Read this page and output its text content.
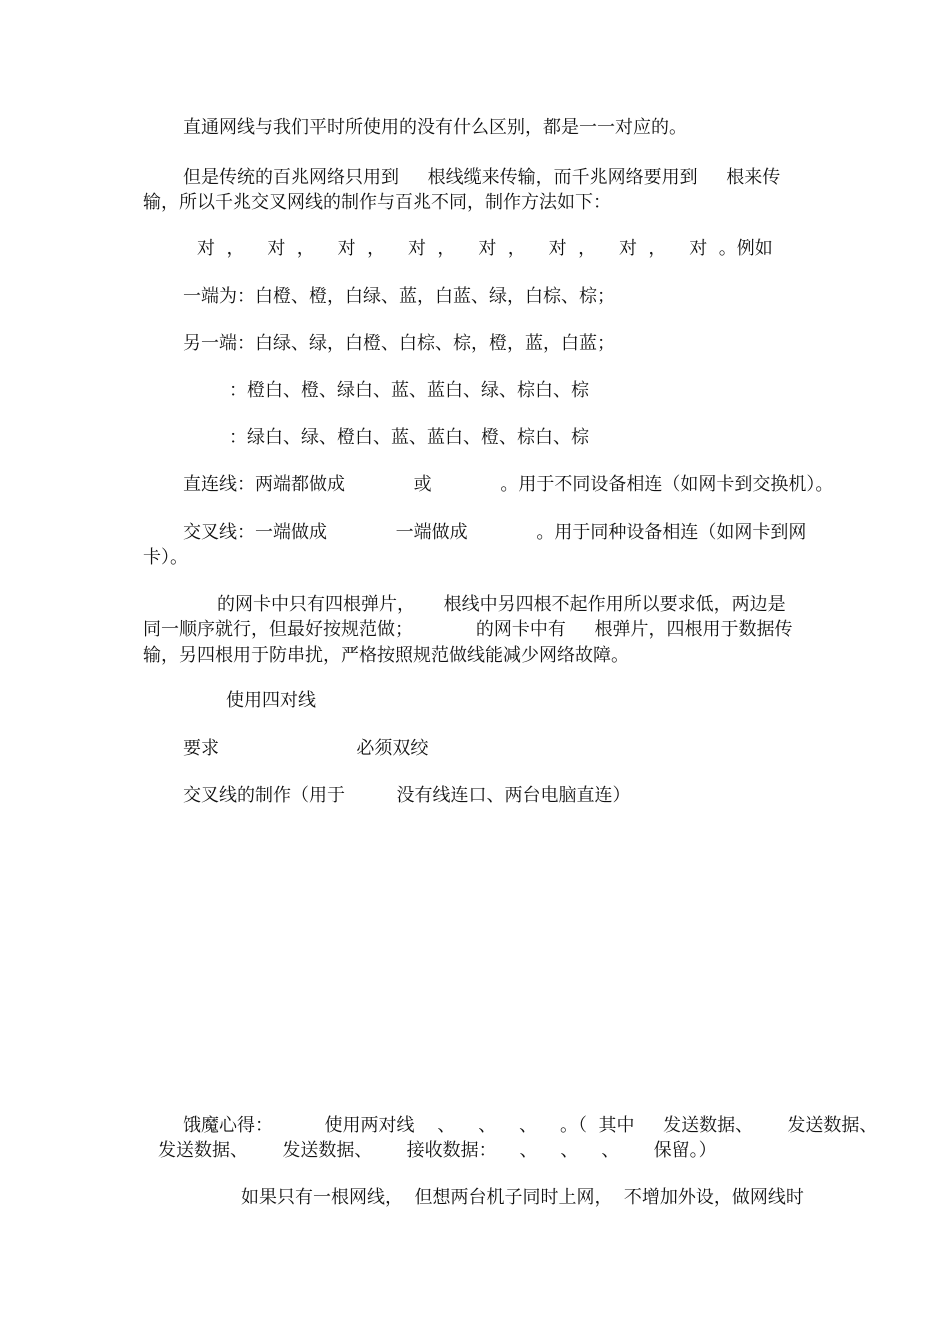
直通网线与我们平时所使用的没有什么区别，都是一一对应的。
但是传统的百兆网络只用到     根线缆来传输，而千兆网络要用到     根来传
输，所以千兆交叉网线的制作与百兆不同，制作方法如下：
对  ，    对  ，    对  ，    对  ，    对  ，    对  ，    对  ，    对  。例如
一端为：白橙、橙，白绿、蓝，白蓝、绿，白棕、棕；
另一端：白绿、绿，白橙、白棕、棕，橙，蓝，白蓝；
：橙白、橙、绿白、蓝、蓝白、绿、棕白、棕
：绿白、绿、橙白、蓝、蓝白、橙、棕白、棕
直连线：两端都做成            或            。用于不同设备相连（如网卡到交换机）。
交叉线：一端做成            一端做成            。用于同种设备相连（如网卡到网
卡）。
的网卡中只有四根弹片，     根线中另四根不起作用所以要求低，两边是
同一顺序就行，但最好按规范做；           的网卡中有     根弹片，四根用于数据传
输，另四根用于防串扰，严格按照规范做线能减少网络故障。
使用四对线
要求                        必须双绞
交叉线的制作（用于         没有线连口、两台电脑直连）
饿魔心得：         使用两对线    、    、    、    。（  其中     发送数据、      发送数据、
发送数据、      发送数据、      接收数据：    、    、    、      保留。）
如果只有一根网线，  但想两台机子同时上网，  不增加外设，做网线时
